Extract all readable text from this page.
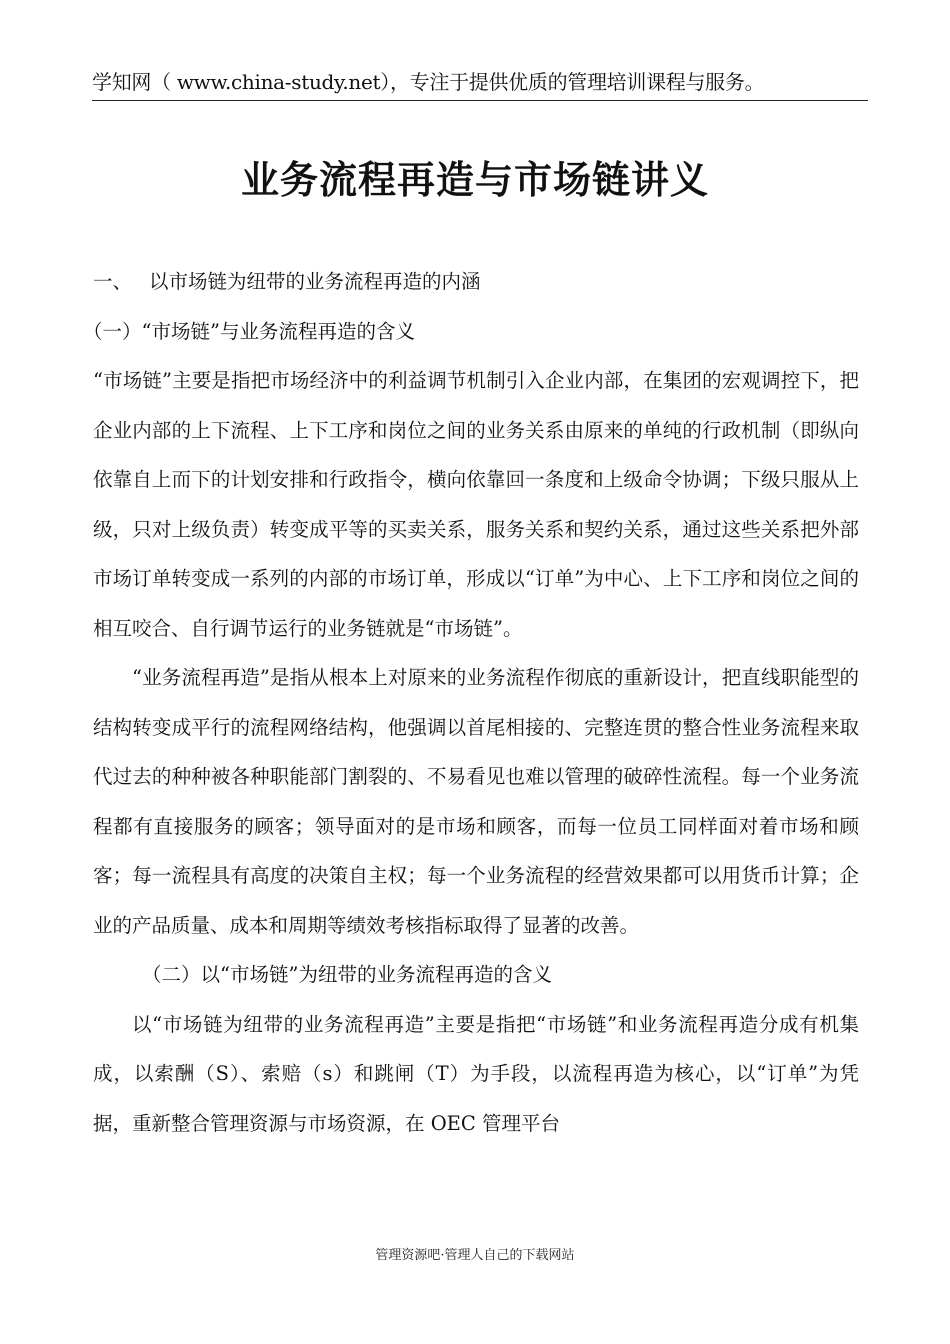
学知网（ www.china-study.net），专注于提供优质的管理培训课程与服务。
业务流程再造与市场链讲义

一、 以市场链为纽带的业务流程再造的内涵

（一）“市场链”与业务流程再造的含义

“市场链”主要是指把市场经济中的利益调节机制引入企业内部，在集团的宏观调控下，把企业内部的上下流程、上下工序和岗位之间的业务关系由原来的单纯的行政机制（即纵向依靠自上而下的计划安排和行政指令，横向依靠回一条度和上级命令协调；下级只服从上级，只对上级负责）转变成平等的买卖关系，服务关系和契约关系，通过这些关系把外部市场订单转变成一系列的内部的市场订单，形成以“订单”为中心、上下工序和岗位之间的相互咬合、自行调节运行的业务链就是“市场链”。

“业务流程再造”是指从根本上对原来的业务流程作彻底的重新设计，把直线职能型的结构转变成平行的流程网络结构，他强调以首尾相接的、完整连贯的整合性业务流程来取代过去的种种被各种职能部门割裂的、不易看见也难以管理的破碎性流程。每一个业务流程都有直接服务的顾客；领导面对的是市场和顾客，而每一位员工同样面对着市场和顾客；每一流程具有高度的决策自主权；每一个业务流程的经营效果都可以用货币计算；企业的产品质量、成本和周期等绩效考核指标取得了显著的改善。

（二）以“市场链”为纽带的业务流程再造的含义

以“市场链为纽带的业务流程再造”主要是指把“市场链”和业务流程再造分成有机集成，以索酬（S）、索赔（s）和跳闸（T）为手段，以流程再造为核心，以“订单”为凭据，重新整合管理资源与市场资源，在 OEC 管理平台

管理资源吧·管理人自己的下载网站
